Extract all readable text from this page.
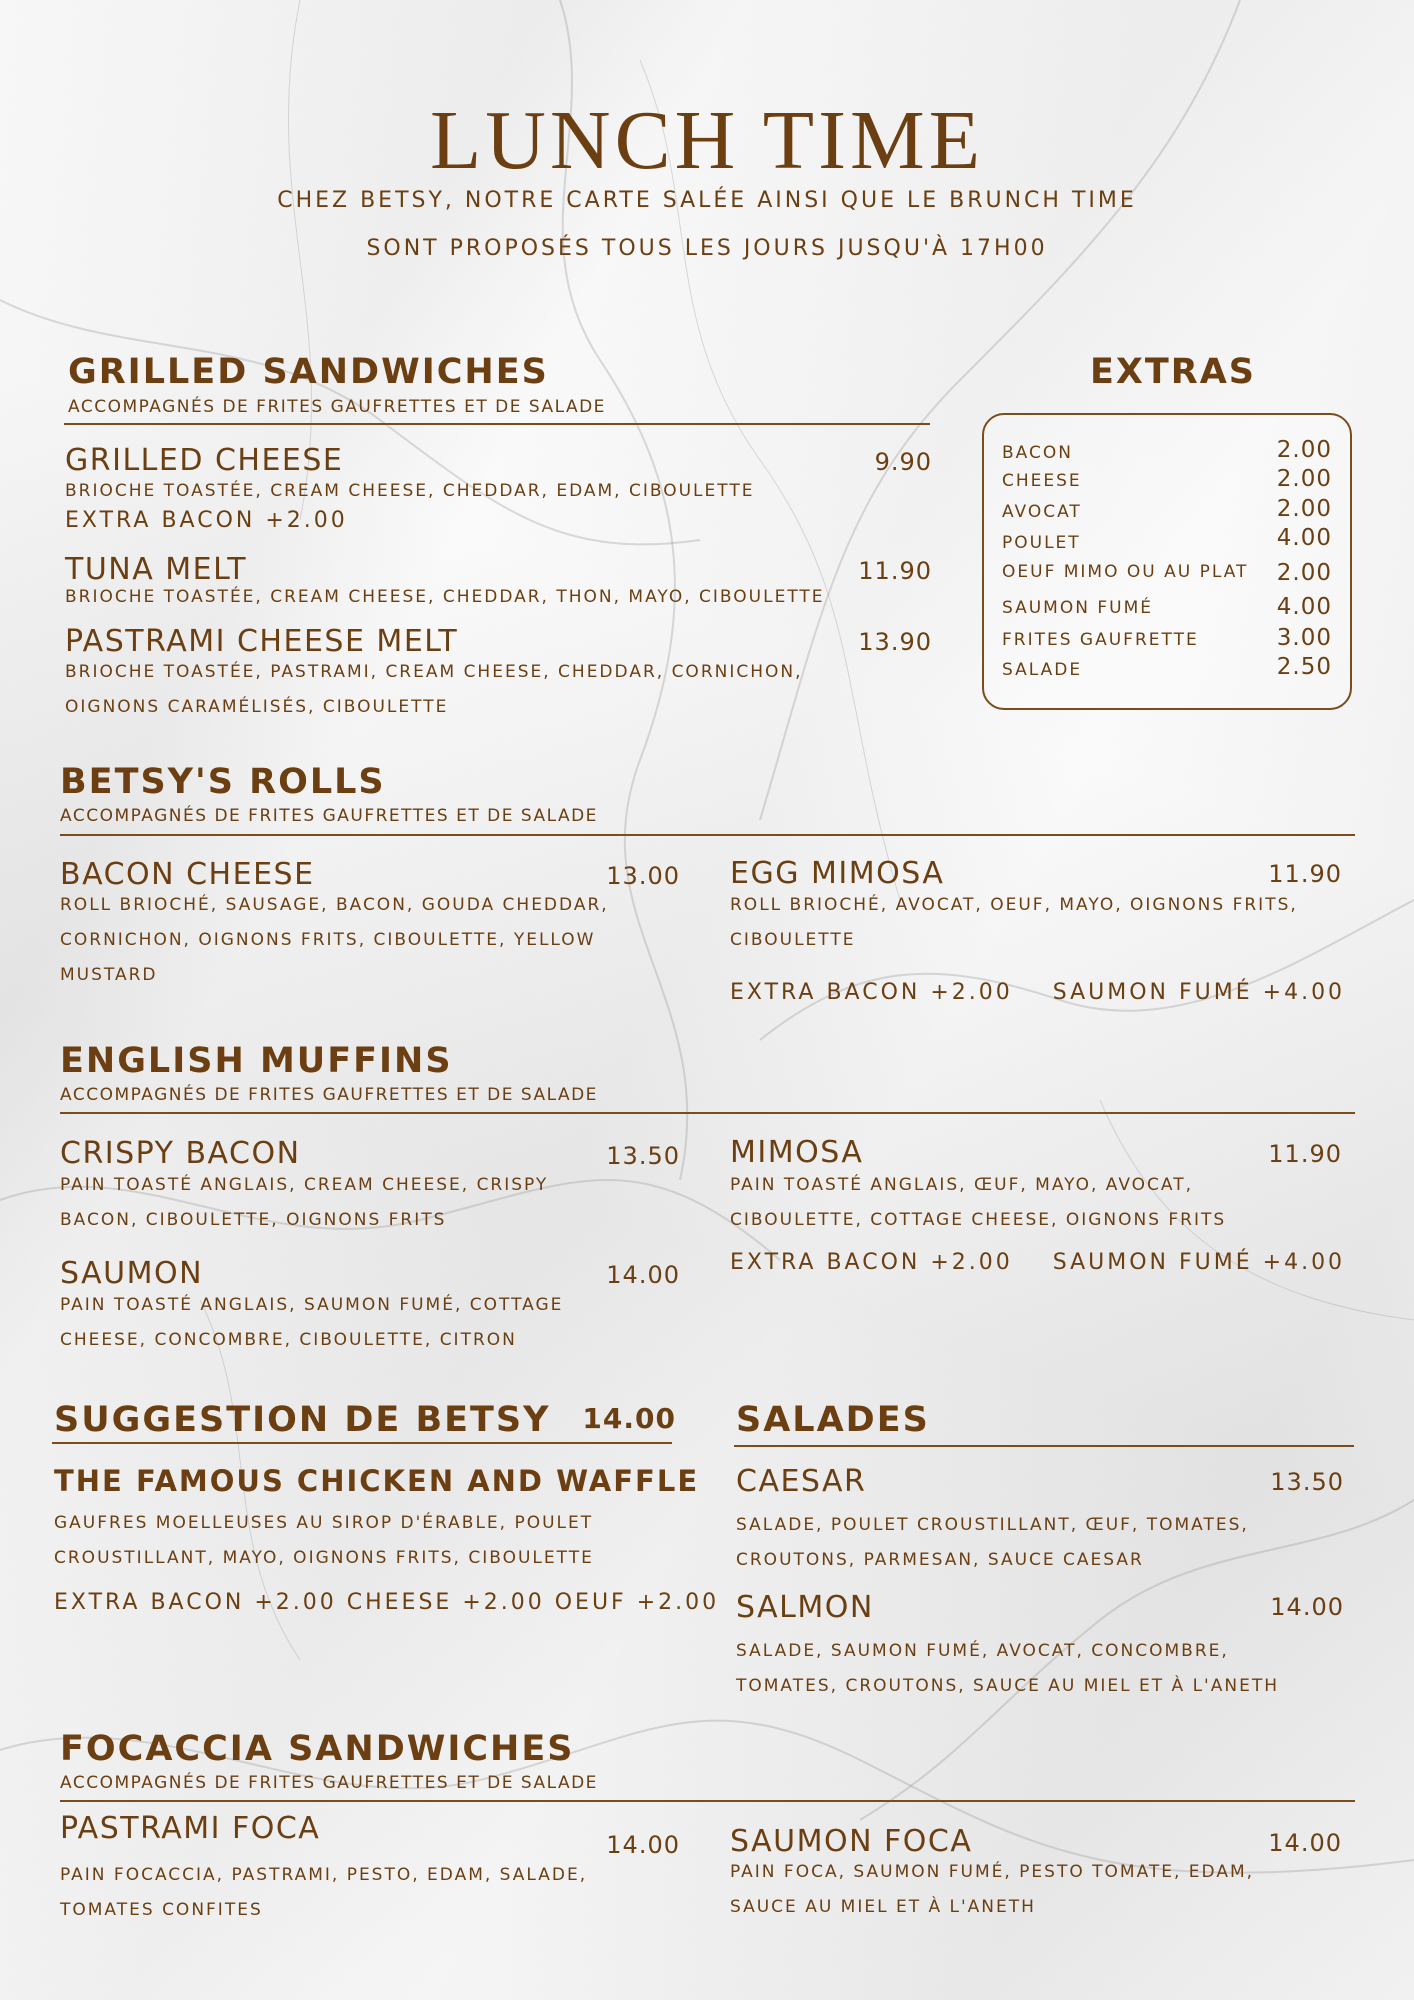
LUNCH TIME
CHEZ BETSY, NOTRE CARTE SALÉE AINSI QUE LE BRUNCH TIME
SONT PROPOSÉS TOUS LES JOURS JUSQU'À 17H00
GRILLED SANDWICHES
ACCOMPAGNÉS DE FRITES GAUFRETTES ET DE SALADE
GRILLED CHEESE	9.90
BRIOCHE TOASTÉE, CREAM CHEESE, CHEDDAR, EDAM, CIBOULETTE
EXTRA BACON +2.00
TUNA MELT	11.90
BRIOCHE TOASTÉE, CREAM CHEESE, CHEDDAR, THON, MAYO, CIBOULETTE
PASTRAMI CHEESE MELT	13.90
BRIOCHE TOASTÉE, PASTRAMI, CREAM CHEESE, CHEDDAR, CORNICHON, OIGNONS CARAMÉLISÉS, CIBOULETTE
EXTRAS
BACON	2.00
CHEESE	2.00
AVOCAT	2.00
POULET	4.00
OEUF MIMO OU AU PLAT	2.00
SAUMON FUMÉ	4.00
FRITES GAUFRETTE	3.00
SALADE	2.50
BETSY'S ROLLS
ACCOMPAGNÉS DE FRITES GAUFRETTES ET DE SALADE
BACON CHEESE	13.00
ROLL BRIOCHÉ, SAUSAGE, BACON, GOUDA CHEDDAR, CORNICHON, OIGNONS FRITS, CIBOULETTE, YELLOW MUSTARD
EGG MIMOSA	11.90
ROLL BRIOCHÉ, AVOCAT, OEUF, MAYO, OIGNONS FRITS, CIBOULETTE
EXTRA BACON +2.00    SAUMON FUMÉ +4.00
ENGLISH MUFFINS
ACCOMPAGNÉS DE FRITES GAUFRETTES ET DE SALADE
CRISPY BACON	13.50
PAIN TOASTÉ ANGLAIS, CREAM CHEESE, CRISPY BACON, CIBOULETTE, OIGNONS FRITS
SAUMON	14.00
PAIN TOASTÉ ANGLAIS, SAUMON FUMÉ, COTTAGE CHEESE, CONCOMBRE, CIBOULETTE, CITRON
MIMOSA	11.90
PAIN TOASTÉ ANGLAIS, ŒUF, MAYO, AVOCAT, CIBOULETTE, COTTAGE CHEESE, OIGNONS FRITS
EXTRA BACON +2.00    SAUMON FUMÉ +4.00
SUGGESTION DE BETSY	14.00
THE FAMOUS CHICKEN AND WAFFLE
GAUFRES MOELLEUSES AU SIROP D'ÉRABLE, POULET CROUSTILLANT, MAYO, OIGNONS FRITS, CIBOULETTE
EXTRA BACON +2.00 CHEESE +2.00 OEUF +2.00
SALADES
CAESAR	13.50
SALADE, POULET CROUSTILLANT, ŒUF, TOMATES, CROUTONS, PARMESAN, SAUCE CAESAR
SALMON	14.00
SALADE, SAUMON FUMÉ, AVOCAT, CONCOMBRE, TOMATES, CROUTONS, SAUCE AU MIEL ET À L'ANETH
FOCACCIA SANDWICHES
ACCOMPAGNÉS DE FRITES GAUFRETTES ET DE SALADE
PASTRAMI FOCA	14.00
PAIN FOCACCIA, PASTRAMI, PESTO, EDAM, SALADE, TOMATES CONFITES
SAUMON FOCA	14.00
PAIN FOCA, SAUMON FUMÉ, PESTO TOMATE, EDAM, SAUCE AU MIEL ET À L'ANETH
